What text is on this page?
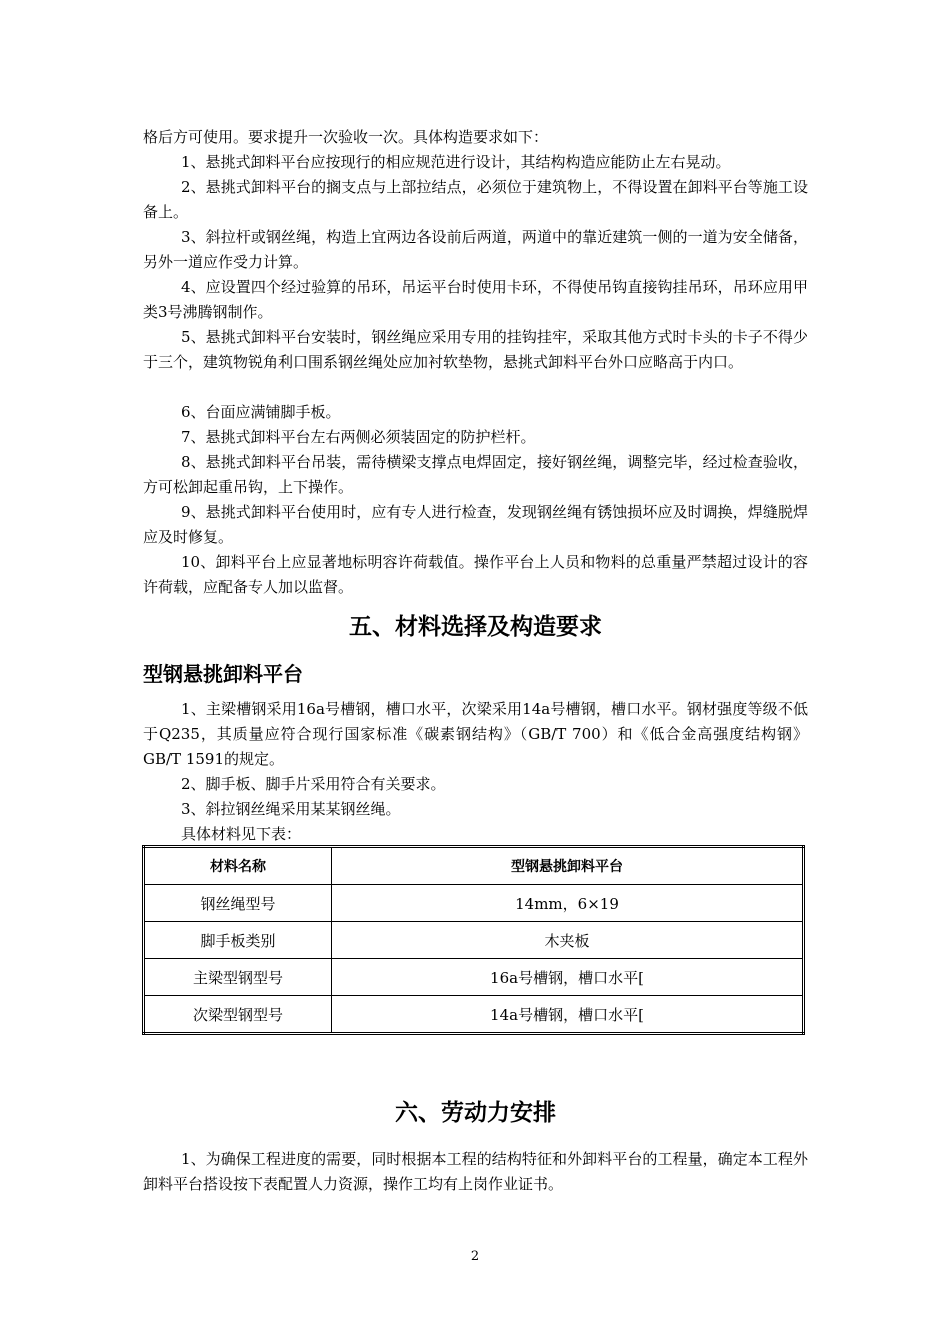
格后方可使用。要求提升一次验收一次。具体构造要求如下：

1、悬挑式卸料平台应按现行的相应规范进行设计，其结构构造应能防止左右晃动。

2、悬挑式卸料平台的搁支点与上部拉结点，必须位于建筑物上，不得设置在卸料平台等施工设备上。

3、斜拉杆或钢丝绳，构造上宜两边各设前后两道，两道中的靠近建筑一侧的一道为安全储备，另外一道应作受力计算。

4、应设置四个经过验算的吊环，吊运平台时使用卡环，不得使吊钩直接钩挂吊环，吊环应用甲类3号沸腾钢制作。

5、悬挑式卸料平台安装时，钢丝绳应采用专用的挂钩挂牢，采取其他方式时卡头的卡子不得少于三个，建筑物锐角利口围系钢丝绳处应加衬软垫物，悬挑式卸料平台外口应略高于内口。

6、台面应满铺脚手板。

7、悬挑式卸料平台左右两侧必须装固定的防护栏杆。

8、悬挑式卸料平台吊装，需待横梁支撑点电焊固定，接好钢丝绳，调整完毕，经过检查验收，方可松卸起重吊钩，上下操作。

9、悬挑式卸料平台使用时，应有专人进行检查，发现钢丝绳有锈蚀损坏应及时调换，焊缝脱焊应及时修复。

10、卸料平台上应显著地标明容许荷载值。操作平台上人员和物料的总重量严禁超过设计的容许荷载，应配备专人加以监督。

五、材料选择及构造要求
型钢悬挑卸料平台

1、主梁槽钢采用16a号槽钢，槽口水平，次梁采用14a号槽钢，槽口水平。钢材强度等级不低于Q235，其质量应符合现行国家标准《碳素钢结构》（GB/T 700）和《低合金高强度结构钢》GB/T 1591的规定。

2、脚手板、脚手片采用符合有关要求。

3、斜拉钢丝绳采用某某钢丝绳。

具体材料见下表：

材料名称	型钢悬挑卸料平台
钢丝绳型号	14mm，6×19
脚手板类别	木夹板
主梁型钢型号	16a号槽钢，槽口水平[
次梁型钢型号	14a号槽钢，槽口水平[
六、劳动力安排

1、为确保工程进度的需要，同时根据本工程的结构特征和外卸料平台的工程量，确定本工程外卸料平台搭设按下表配置人力资源，操作工均有上岗作业证书。

2
